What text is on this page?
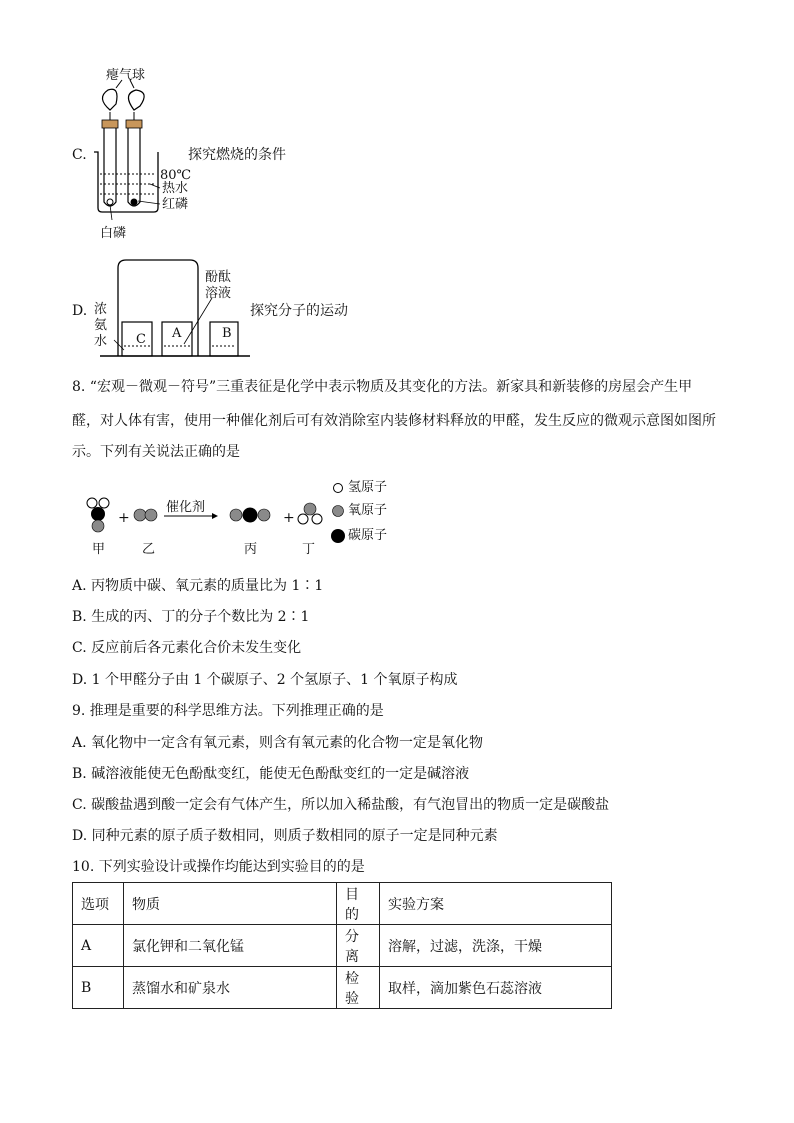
C.
瘪气球
80℃
热水
红磷
白磷
探究燃烧的条件
D. 浓
氨
水
酚酞
溶液
C A	B
探究分子的运动
8. “宏观－微观－符号”三重表征是化学中表示物质及其变化的方法。新家具和新装修的房屋会产生甲
醛，对人体有害，使用一种催化剂后可有效消除室内装修材料释放的甲醛，发生反应的微观示意图如图所
示。下列有关说法正确的是
+	+
催化剂
甲	乙	丙	丁
氢原子
氧原子
碳原子
A. 丙物质中碳、氧元素的质量比为 1∶1
B. 生成的丙、丁的分子个数比为 2∶1
C. 反应前后各元素化合价未发生变化
D. 1 个甲醛分子由 1 个碳原子、2 个氢原子、1 个氧原子构成
9. 推理是重要的科学思维方法。下列推理正确的是
A. 氧化物中一定含有氧元素，则含有氧元素的化合物一定是氧化物
B. 碱溶液能使无色酚酞变红，能使无色酚酞变红的一定是碱溶液
C. 碳酸盐遇到酸一定会有气体产生，所以加入稀盐酸，有气泡冒出的物质一定是碳酸盐
D. 同种元素的原子质子数相同，则质子数相同的原子一定是同种元素
10. 下列实验设计或操作均能达到实验目的的是
选项	物质	目的	实验方案
A	氯化钾和二氧化锰	分离	溶解，过滤，洗涤，干燥
B	蒸馏水和矿泉水	检验	取样，滴加紫色石蕊溶液
